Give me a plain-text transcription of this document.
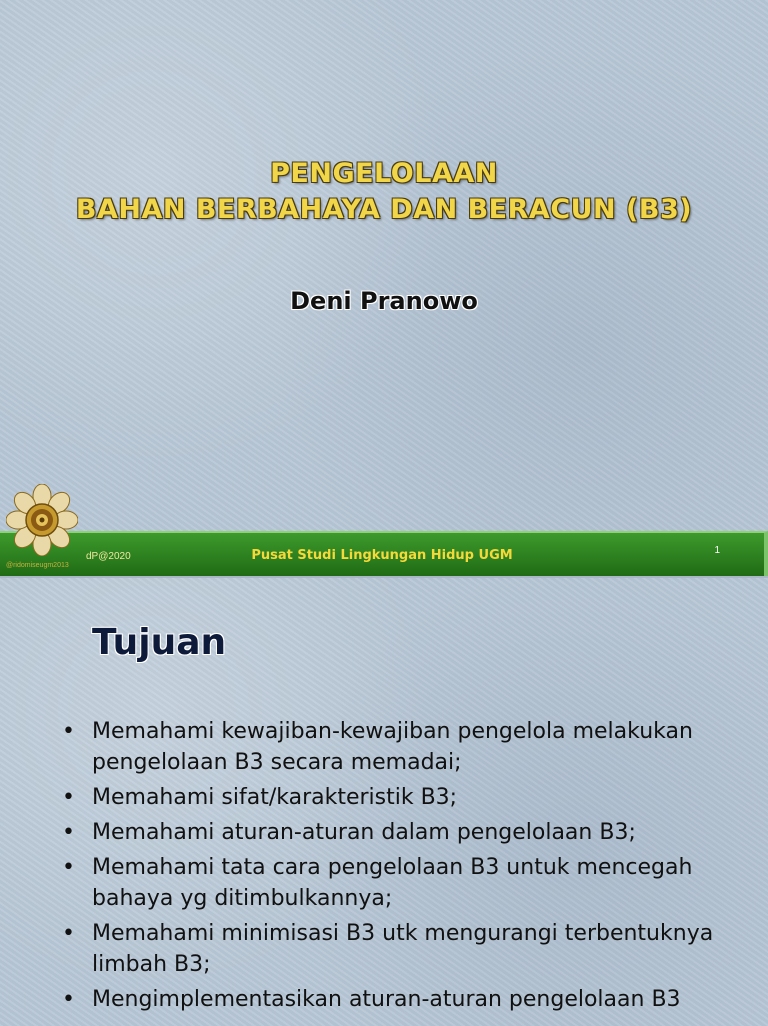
PENGELOLAAN
BAHAN BERBAHAYA DAN BERACUN (B3)
Deni Pranowo
dP@2020	Pusat Studi Lingkungan Hidup UGM	1
@ridomiseugm2013
Tujuan
• Memahami kewajiban-kewajiban pengelola melakukan pengelolaan B3 secara memadai;
• Memahami sifat/karakteristik B3;
• Memahami aturan-aturan dalam pengelolaan B3;
• Memahami tata cara pengelolaan B3 untuk mencegah bahaya yg ditimbulkannya;
• Memahami minimisasi B3 utk mengurangi terbentuknya limbah B3;
• Mengimplementasikan aturan-aturan pengelolaan B3
